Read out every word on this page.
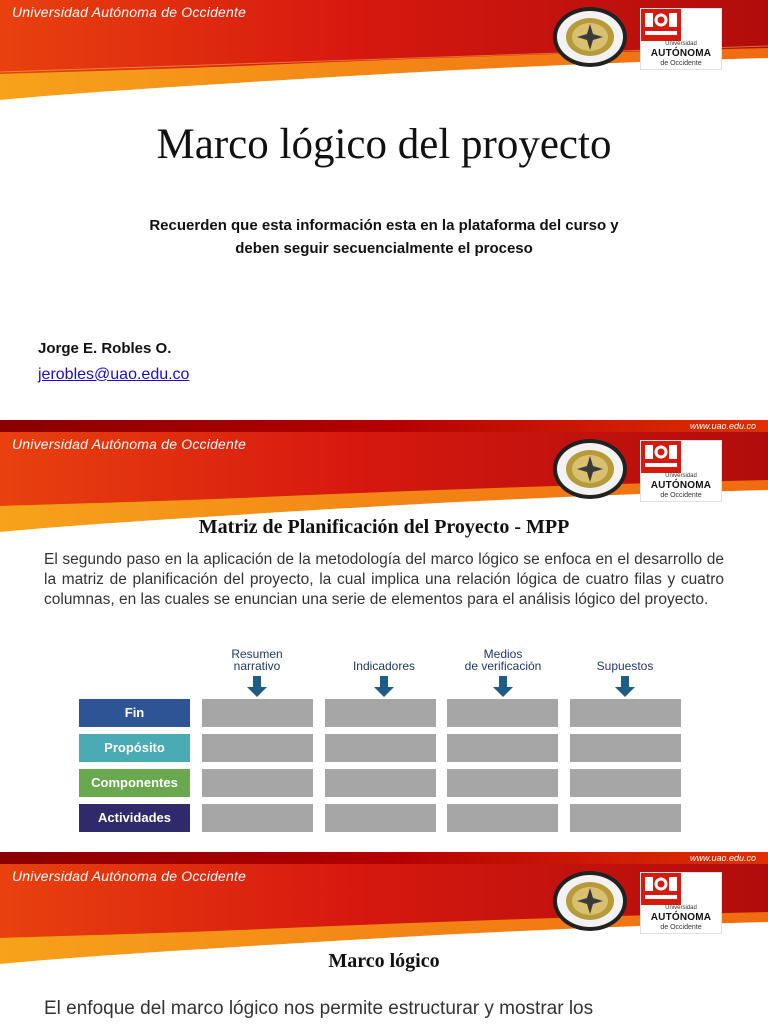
Universidad Autónoma de Occidente
Universidad
AUTÓNOMA
de Occidente
Marco lógico del proyecto
Recuerden que esta información esta en la plataforma del curso y
deben seguir secuencialmente el proceso
Jorge E. Robles O.
jerobles@uao.edu.co
www.uao.edu.co
Universidad Autónoma de Occidente
Universidad
AUTÓNOMA
de Occidente
Matriz de Planificación del Proyecto - MPP
El segundo paso en la aplicación de la metodología del marco lógico se enfoca en el desarrollo de la matriz de planificación del proyecto, la cual implica una relación lógica de cuatro filas y cuatro columnas, en las cuales se enuncian una serie de elementos para el análisis lógico del proyecto.
Resumen
narrativo	Indicadores
Medios
de verificación	Supuestos
Fin
Propósito
Componentes
Actividades
www.uao.edu.co
Universidad Autónoma de Occidente
Universidad
AUTÓNOMA
de Occidente
Marco lógico
El enfoque del marco lógico nos permite estructurar y mostrar los
